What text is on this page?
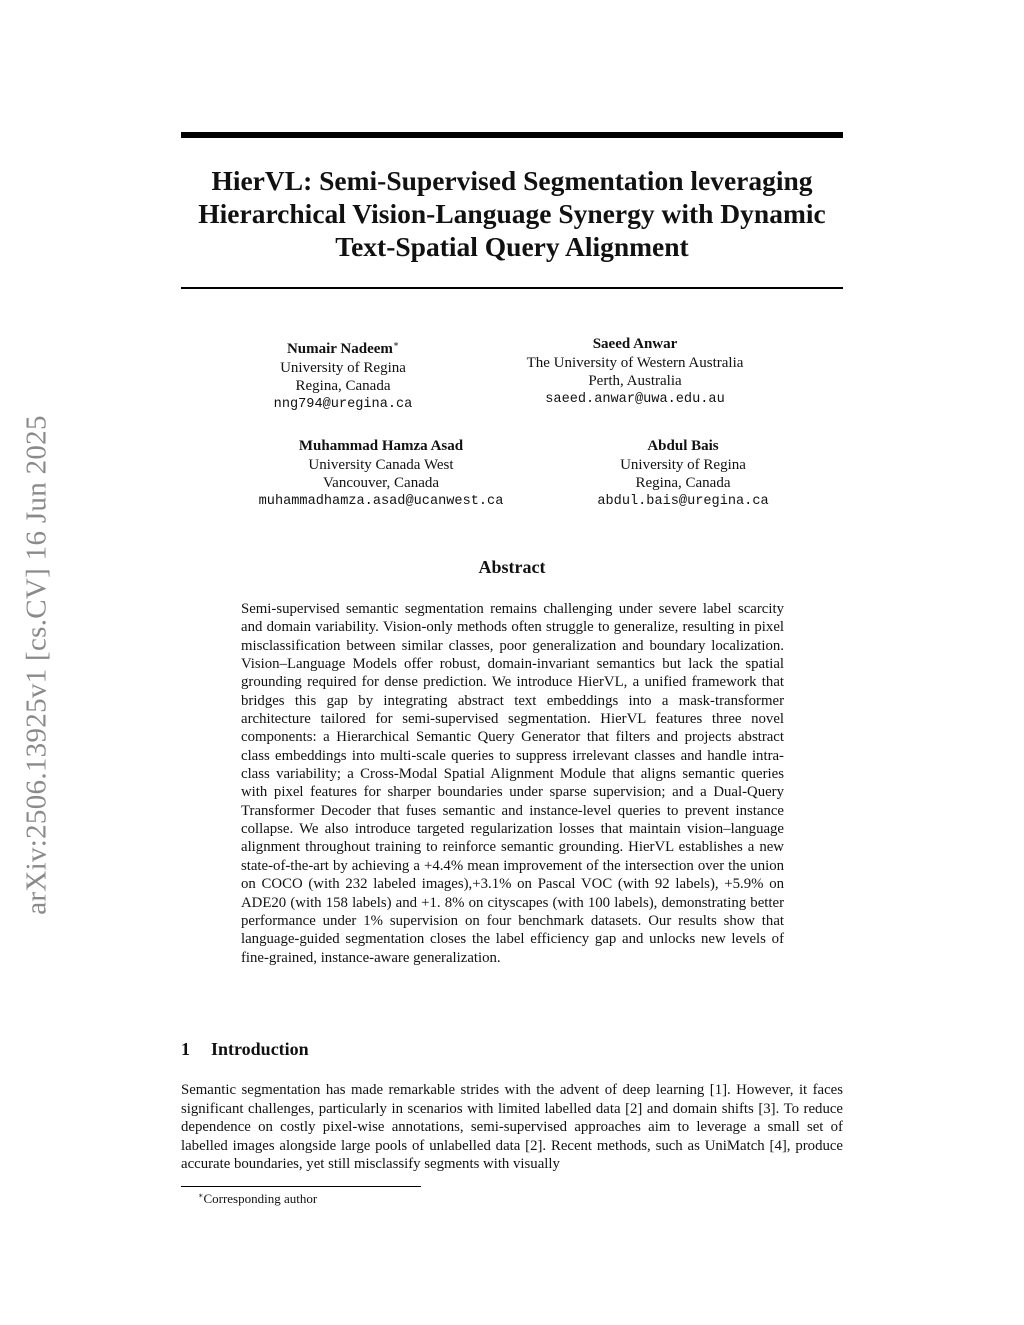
arXiv:2506.13925v1 [cs.CV] 16 Jun 2025
HierVL: Semi-Supervised Segmentation leveraging Hierarchical Vision-Language Synergy with Dynamic Text-Spatial Query Alignment
Numair Nadeem∗
University of Regina
Regina, Canada
nng794@uregina.ca
Saeed Anwar
The University of Western Australia
Perth, Australia
saeed.anwar@uwa.edu.au
Muhammad Hamza Asad
University Canada West
Vancouver, Canada
muhammadhamza.asad@ucanwest.ca
Abdul Bais
University of Regina
Regina, Canada
abdul.bais@uregina.ca
Abstract

Semi-supervised semantic segmentation remains challenging under severe label scarcity and domain variability. Vision-only methods often struggle to generalize, resulting in pixel misclassification between similar classes, poor generalization and boundary localization. Vision–Language Models offer robust, domain-invariant semantics but lack the spatial grounding required for dense prediction. We introduce HierVL, a unified framework that bridges this gap by integrating abstract text embeddings into a mask-transformer architecture tailored for semi-supervised segmentation. HierVL features three novel components: a Hierarchical Semantic Query Generator that filters and projects abstract class embeddings into multi-scale queries to suppress irrelevant classes and handle intra-class variability; a Cross-Modal Spatial Alignment Module that aligns semantic queries with pixel features for sharper boundaries under sparse supervision; and a Dual-Query Transformer Decoder that fuses semantic and instance-level queries to prevent instance collapse. We also introduce targeted regularization losses that maintain vision–language alignment throughout training to reinforce semantic grounding. HierVL establishes a new state-of-the-art by achieving a +4.4% mean improvement of the intersection over the union on COCO (with 232 labeled images),+3.1% on Pascal VOC (with 92 labels), +5.9% on ADE20 (with 158 labels) and +1. 8% on cityscapes (with 100 labels), demonstrating better performance under 1% supervision on four benchmark datasets. Our results show that language-guided segmentation closes the label efficiency gap and unlocks new levels of fine-grained, instance-aware generalization.

1 Introduction

Semantic segmentation has made remarkable strides with the advent of deep learning [1]. However, it faces significant challenges, particularly in scenarios with limited labelled data [2] and domain shifts [3]. To reduce dependence on costly pixel-wise annotations, semi-supervised approaches aim to leverage a small set of labelled images alongside large pools of unlabelled data [2]. Recent methods, such as UniMatch [4], produce accurate boundaries, yet still misclassify segments with visually

∗Corresponding author
